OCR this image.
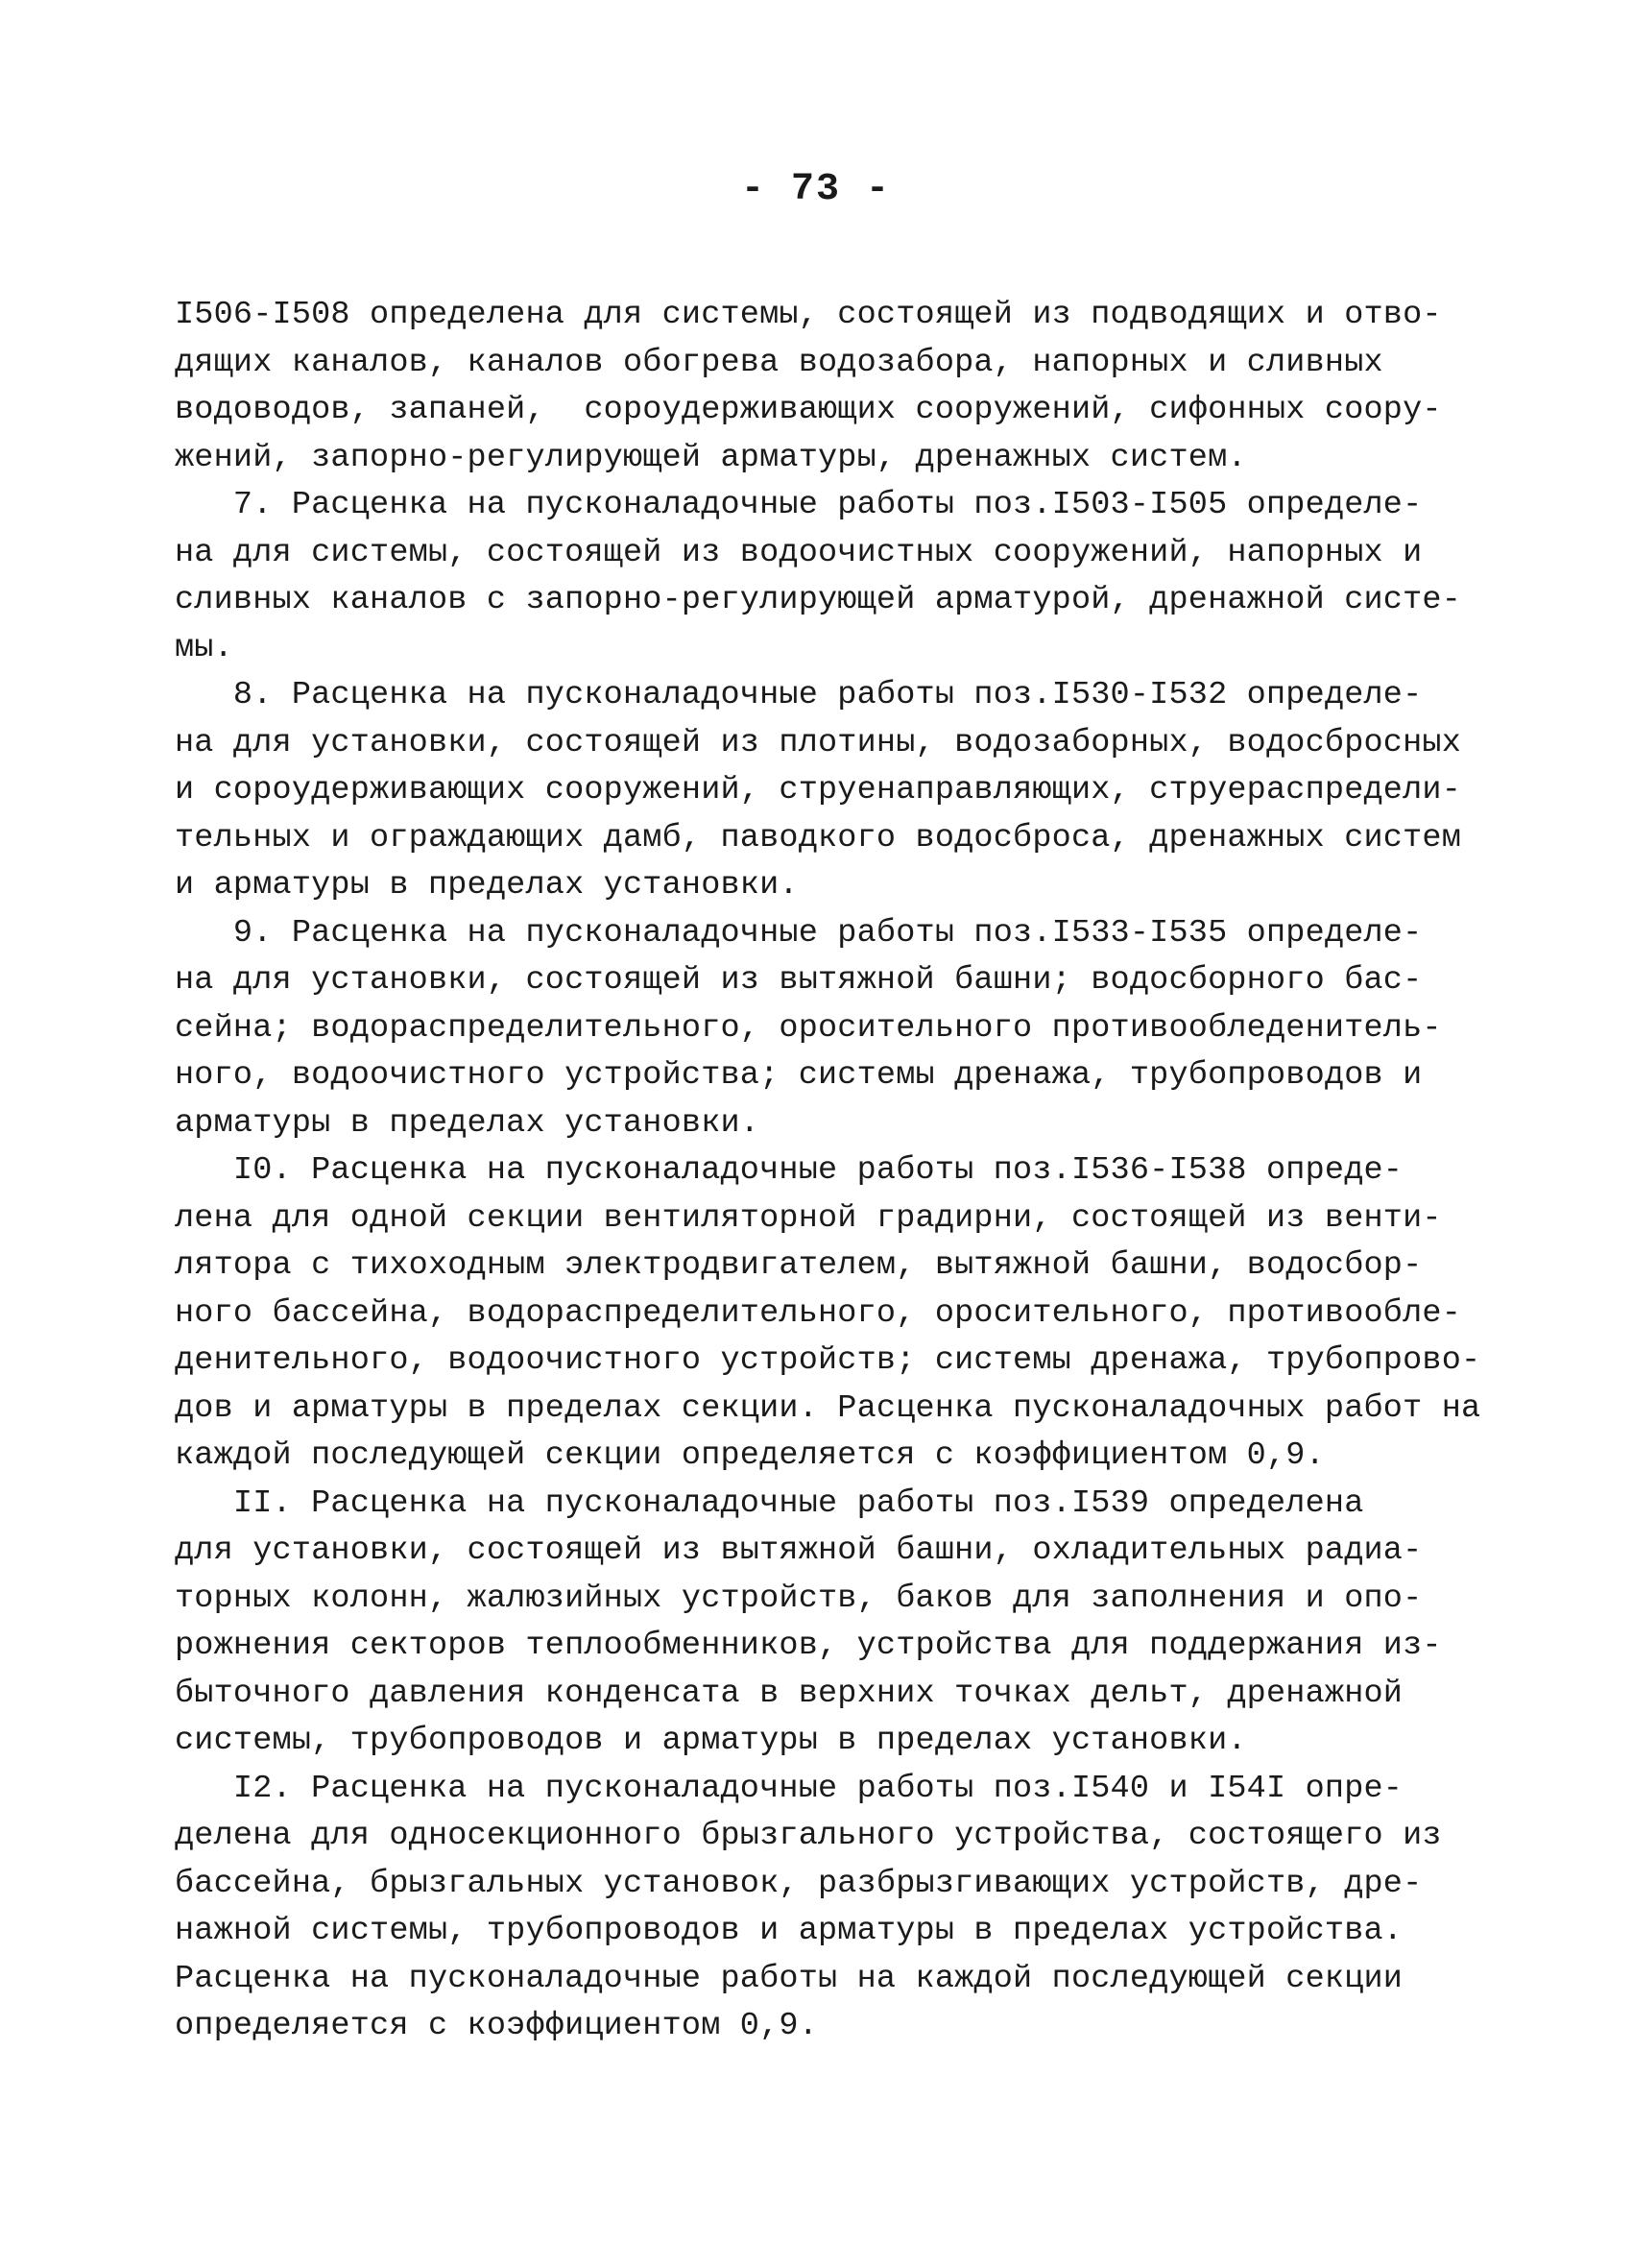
- 73 -
I506-I508 определена для системы, состоящей из подводящих и отво-
дящих каналов, каналов обогрева водозабора, напорных и сливных
водоводов, запаней,  сороудерживающих сооружений, сифонных соору-
жений, запорно-регулирующей арматуры, дренажных систем.
7. Расценка на пусконаладочные работы поз.I503-I505 определе-
на для системы, состоящей из водоочистных сооружений, напорных и
сливных каналов с запорно-регулирующей арматурой, дренажной систе-
мы.
8. Расценка на пусконаладочные работы поз.I530-I532 определе-
на для установки, состоящей из плотины, водозаборных, водосбросных
и сороудерживающих сооружений, струенаправляющих, струераспредели-
тельных и ограждающих дамб, паводкого водосброса, дренажных систем
и арматуры в пределах установки.
9. Расценка на пусконаладочные работы поз.I533-I535 определе-
на для установки, состоящей из вытяжной башни; водосборного бас-
сейна; водораспределительного, оросительного противообледенитель-
ного, водоочистного устройства; системы дренажа, трубопроводов и
арматуры в пределах установки.
I0. Расценка на пусконаладочные работы поз.I536-I538 опреде-
лена для одной секции вентиляторной градирни, состоящей из венти-
лятора с тихоходным электродвигателем, вытяжной башни, водосбор-
ного бассейна, водораспределительного, оросительного, противообле-
денительного, водоочистного устройств; системы дренажа, трубопрово-
дов и арматуры в пределах секции. Расценка пусконаладочных работ на
каждой последующей секции определяется с коэффициентом 0,9.
II. Расценка на пусконаладочные работы поз.I539 определена
для установки, состоящей из вытяжной башни, охладительных радиа-
торных колонн, жалюзийных устройств, баков для заполнения и опо-
рожнения секторов теплообменников, устройства для поддержания из-
быточного давления конденсата в верхних точках дельт, дренажной
системы, трубопроводов и арматуры в пределах установки.
I2. Расценка на пусконаладочные работы поз.I540 и I54I опре-
делена для односекционного брызгального устройства, состоящего из
бассейна, брызгальных установок, разбрызгивающих устройств, дре-
нажной системы, трубопроводов и арматуры в пределах устройства.
Расценка на пусконаладочные работы на каждой последующей секции
определяется с коэффициентом 0,9.
